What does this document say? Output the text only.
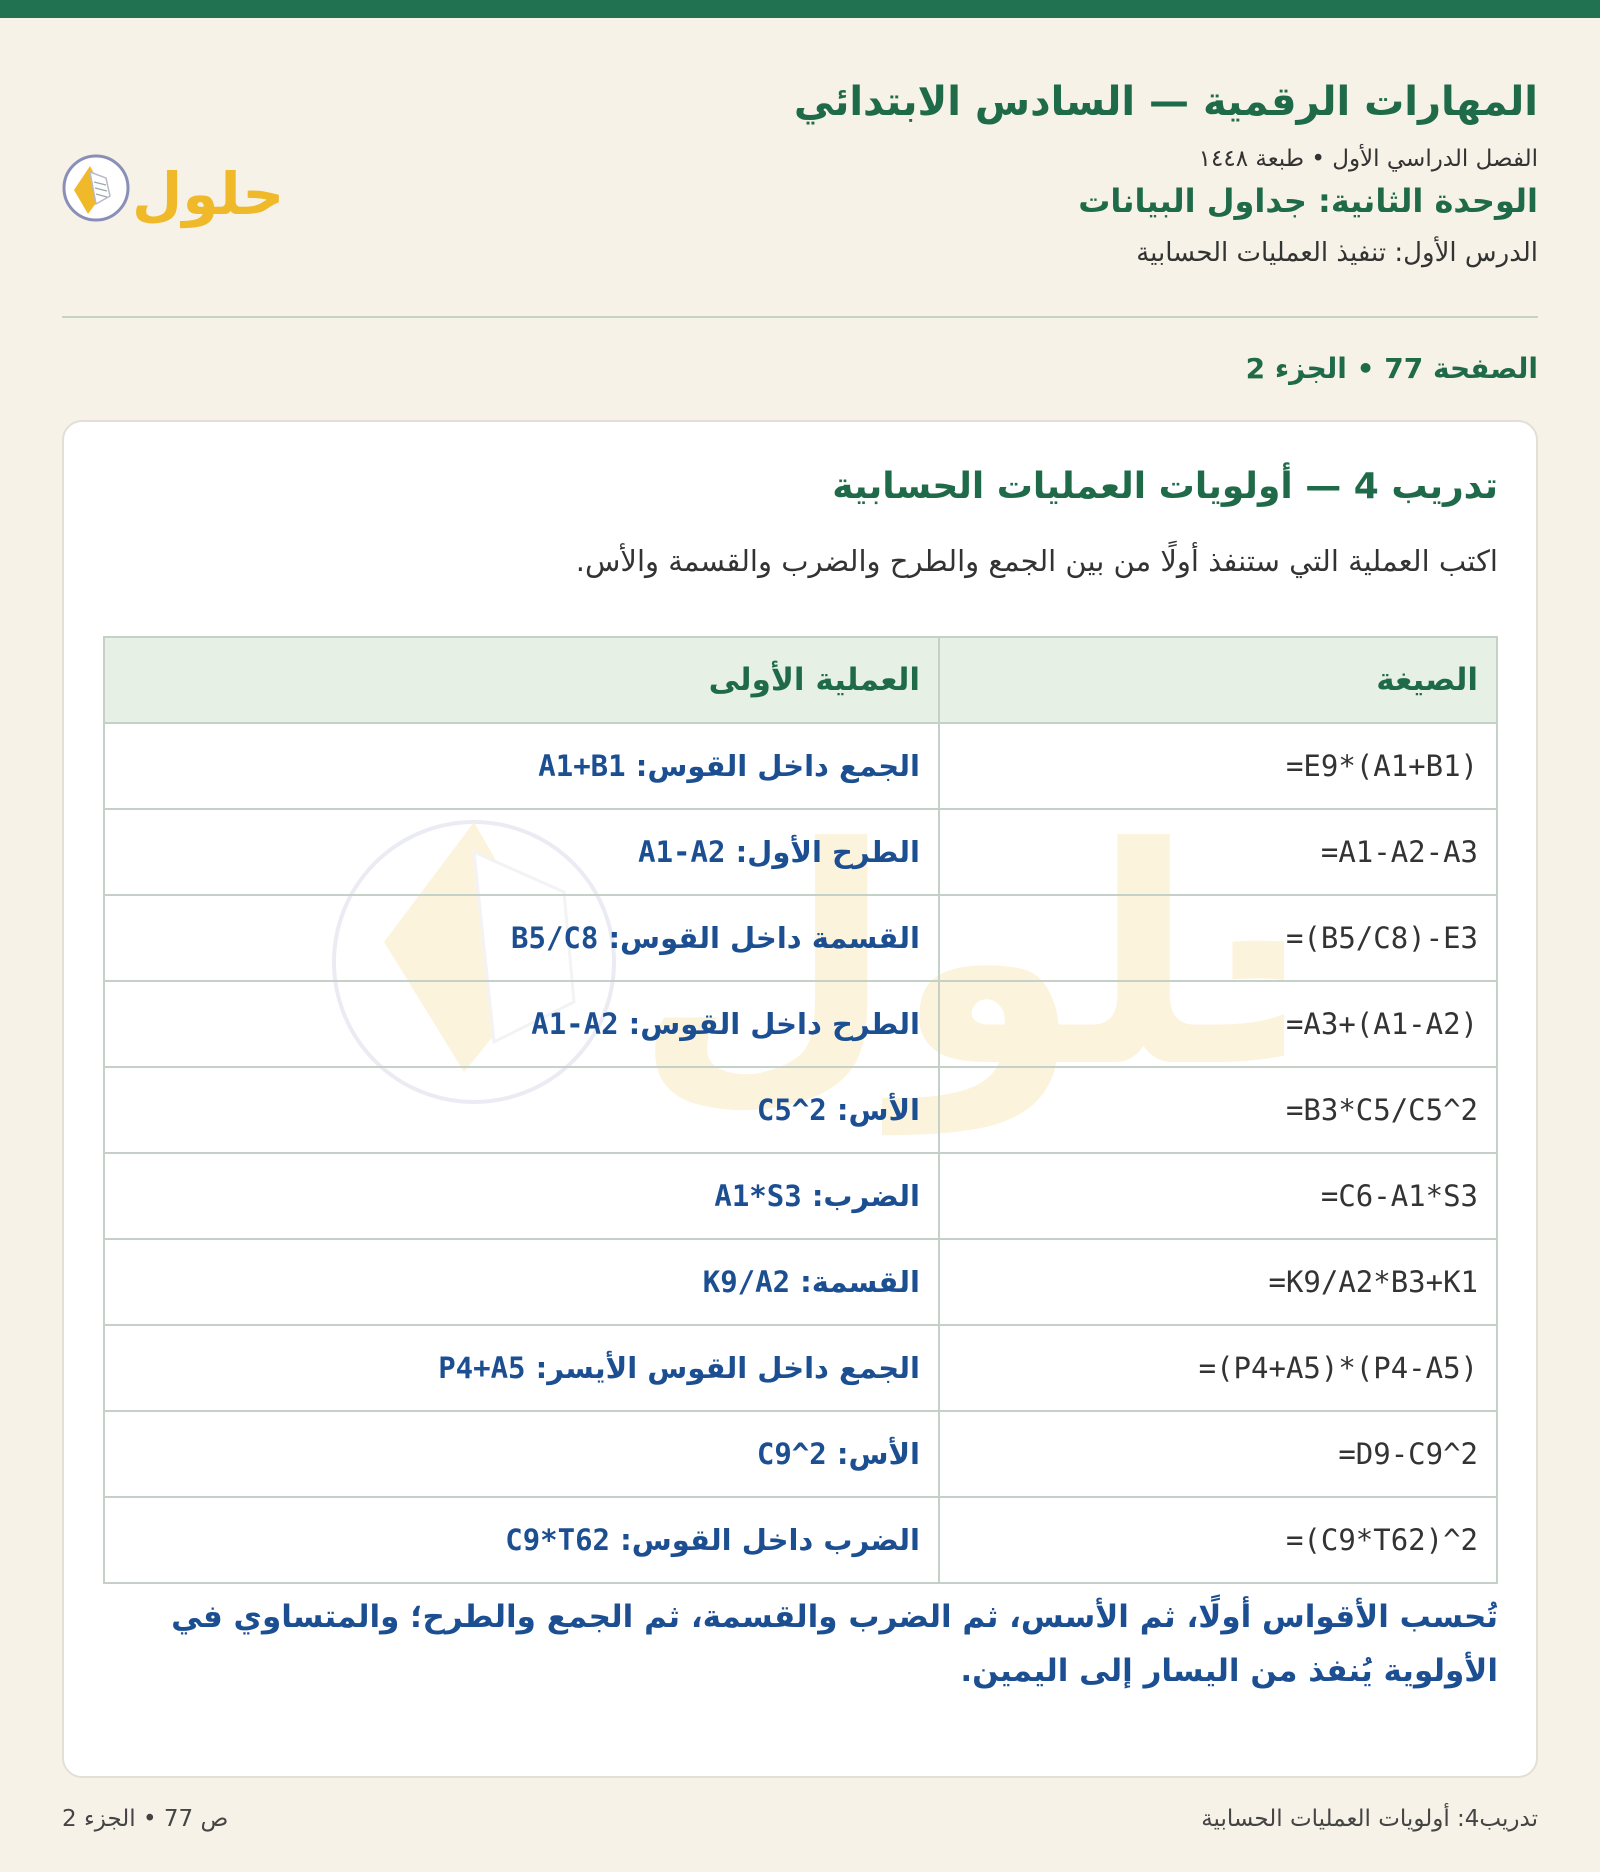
المهارات الرقمية — السادس الابتدائي
الفصل الدراسي الأول • طبعة ١٤٤٨
الوحدة الثانية: جداول البيانات
الدرس الأول: تنفيذ العمليات الحسابية
حلول
الصفحة 77 • الجزء 2
لول
تدريب 4 — أولويات العمليات الحسابية
اكتب العملية التي ستنفذ أولًا من بين الجمع والطرح والضرب والقسمة والأس.
الصيغة	العملية الأولى
=E9*(A1+B1)	الجمع داخل القوس: A1+B1
=A1-A2-A3	الطرح الأول: A1-A2
=(B5/C8)-E3	القسمة داخل القوس: B5/C8
=A3+(A1-A2)	الطرح داخل القوس: A1-A2
=B3*C5/C5^2	الأس: C5^2
=C6-A1*S3	الضرب: A1*S3
=K9/A2*B3+K1	القسمة: K9/A2
=(P4+A5)*(P4-A5)	الجمع داخل القوس الأيسر: P4+A5
=D9-C9^2	الأس: C9^2
=(C9*T62)^2	الضرب داخل القوس: C9*T62
تُحسب الأقواس أولًا، ثم الأسس، ثم الضرب والقسمة، ثم الجمع والطرح؛ والمتساوي في الأولوية يُنفذ من اليسار إلى اليمين.
تدريب4: أولويات العمليات الحسابية
ص 77 • الجزء 2
